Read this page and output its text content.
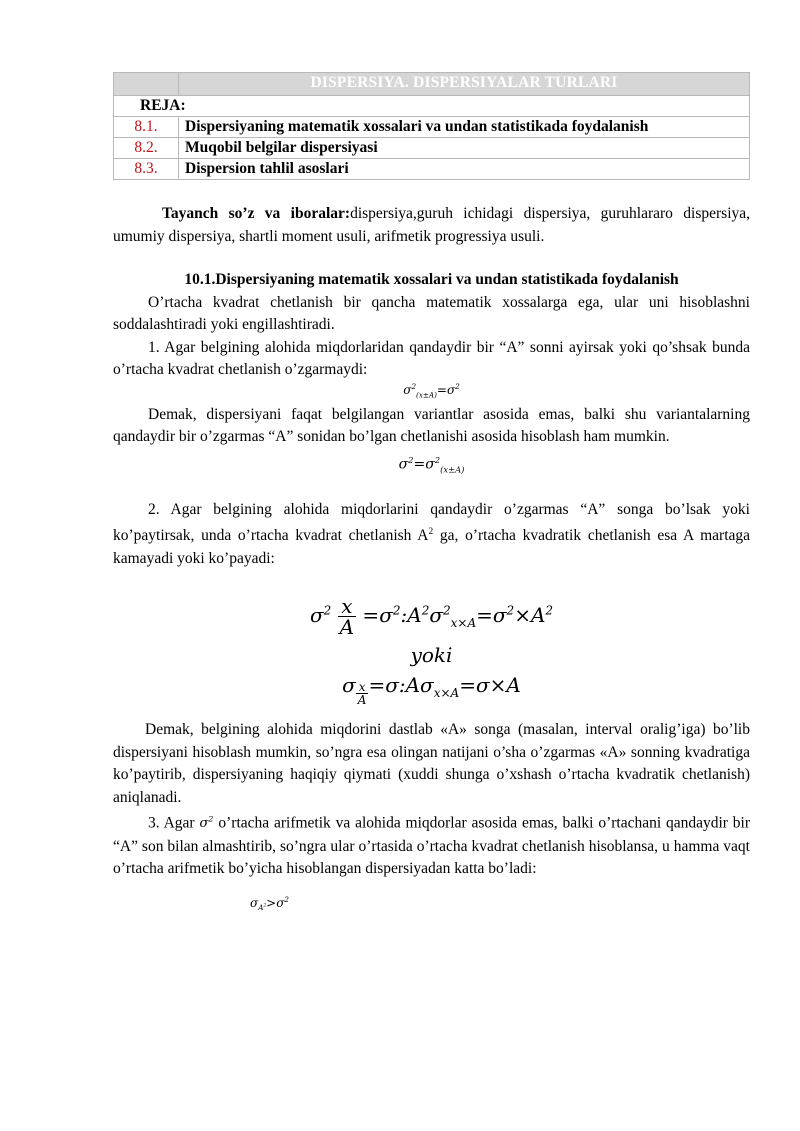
	DISPERSIYA. DISPERSIYALAR TURLARI
REJA:	
8.1.	Dispersiyaning matematik xossalari va undan statistikada foydalanish
8.2.	Muqobil belgilar dispersiyasi
8.3.	Dispersion tahlil asoslari

Tayanch so’z va iboralar:dispersiya,guruh ichidagi dispersiya, guruhlararo dispersiya, umumiy dispersiya, shartli moment usuli, arifmetik progressiya usuli.

10.1.Dispersiyaning matematik xossalari va undan statistikada foydalanish

O’rtacha kvadrat chetlanish bir qancha matematik xossalarga ega, ular uni hisoblashni soddalashtiradi yoki engillashtiradi.

1. Agar belgining alohida miqdorlaridan qandaydir bir “A” sonni ayirsak yoki qo’shsak bunda o’rtacha kvadrat chetlanish o’zgarmaydi:

$\sigma^2_{(x\pm A)}=\sigma^2$

Demak, dispersiyani faqat belgilangan variantlar asosida emas, balki shu variantalarning qandaydir bir o’zgarmas “A” sonidan bo’lgan chetlanishi asosida hisoblash ham mumkin.

$\sigma^2=\sigma^2_{(x\pm A)}$

2. Agar belgining alohida miqdorlarini qandaydir o’zgarmas “A” songa bo’lsak yoki ko’paytirsak, unda o’rtacha kvadrat chetlanish $A^2$ ga, o’rtacha kvadratik chetlanish esa A martaga kamayadi yoki ko’payadi:

$\sigma^2 \frac{x}{A}$ $=\sigma^2:A^2\sigma^2_{x\times A}=\sigma^2\times A^2$
yoki
σ $_{\frac{x}{A}} =\sigma:A\sigma_{x\times A}=\sigma\times A$

Demak, belgining alohida miqdorini dastlab «A» songa (masalan, interval oralig’iga) bo’lib dispersiyani hisoblash mumkin, so’ngra esa olingan natijani o’sha o’zgarmas «A» sonning kvadratiga ko’paytirib, dispersiyaning haqiqiy qiymati (xuddi shunga o’xshash o’rtacha kvadratik chetlanish) aniqlanadi.

3. Agar $\sigma^2$ o’rtacha arifmetik va alohida miqdorlar asosida emas, balki o’rtachani qandaydir bir “A” son bilan almashtirib, so’ngra ular o’rtasida o’rtacha kvadrat chetlanish hisoblansa, u hamma vaqt o’rtacha arifmetik bo’yicha hisoblangan dispersiyadan katta bo’ladi:

$\sigma_{A^2}>\sigma^2$
